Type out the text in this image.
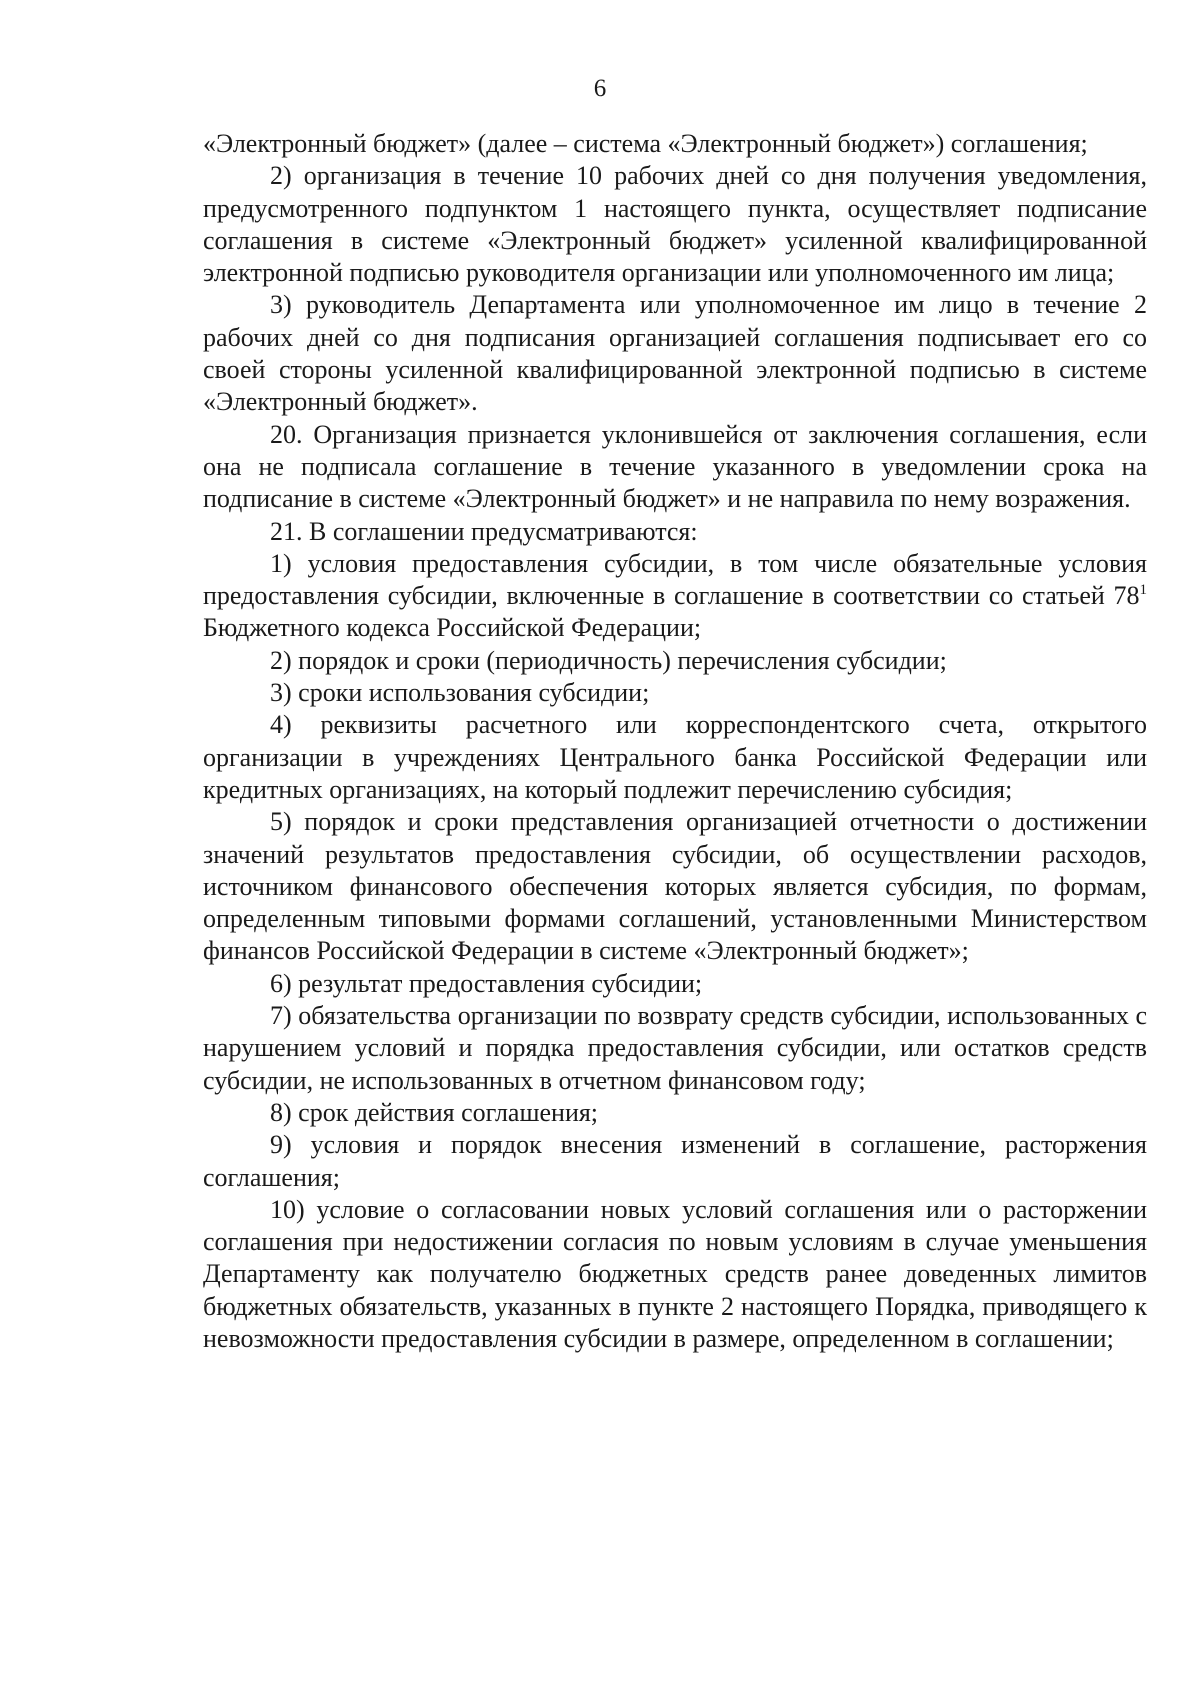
6

«Электронный бюджет» (далее – система «Электронный бюджет») соглашения;

2) организация в течение 10 рабочих дней со дня получения уведомления, предусмотренного подпунктом 1 настоящего пункта, осуществляет подписание соглашения в системе «Электронный бюджет» усиленной квалифицированной электронной подписью руководителя организации или уполномоченного им лица;

3) руководитель Департамента или уполномоченное им лицо в течение 2 рабочих дней со дня подписания организацией соглашения подписывает его со своей стороны усиленной квалифицированной электронной подписью в системе «Электронный бюджет».

20. Организация признается уклонившейся от заключения соглашения, если она не подписала соглашение в течение указанного в уведомлении срока на подписание в системе «Электронный бюджет» и не направила по нему возражения.

21. В соглашении предусматриваются:

1) условия предоставления субсидии, в том числе обязательные условия предоставления субсидии, включенные в соглашение в соответствии со статьей $78^1$ Бюджетного кодекса Российской Федерации;

2) порядок и сроки (периодичность) перечисления субсидии;

3) сроки использования субсидии;

4) реквизиты расчетного или корреспондентского счета, открытого организации в учреждениях Центрального банка Российской Федерации или кредитных организациях, на который подлежит перечислению субсидия;

5) порядок и сроки представления организацией отчетности о достижении значений результатов предоставления субсидии, об осуществлении расходов, источником финансового обеспечения которых является субсидия, по формам, определенным типовыми формами соглашений, установленными Министерством финансов Российской Федерации в системе «Электронный бюджет»;

6) результат предоставления субсидии;

7) обязательства организации по возврату средств субсидии, использованных с нарушением условий и порядка предоставления субсидии, или остатков средств субсидии, не использованных в отчетном финансовом году;

8) срок действия соглашения;

9) условия и порядок внесения изменений в соглашение, расторжения соглашения;

10) условие о согласовании новых условий соглашения или о расторжении соглашения при недостижении согласия по новым условиям в случае уменьшения Департаменту как получателю бюджетных средств ранее доведенных лимитов бюджетных обязательств, указанных в пункте 2 настоящего Порядка, приводящего к невозможности предоставления субсидии в размере, определенном в соглашении;
